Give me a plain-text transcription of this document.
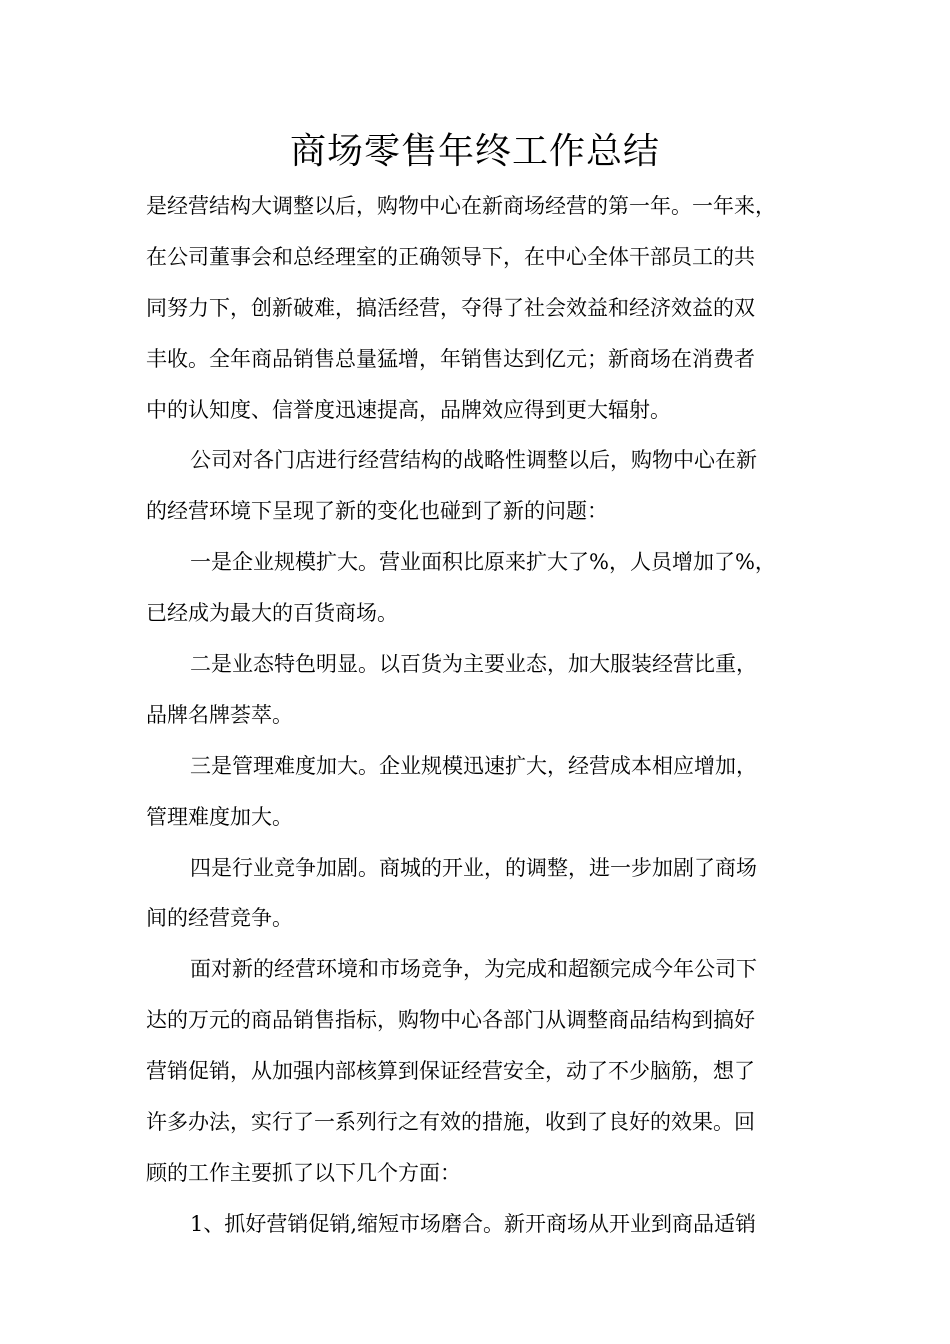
商场零售年终工作总结
是经营结构大调整以后，购物中心在新商场经营的第一年。一年来，
在公司董事会和总经理室的正确领导下，在中心全体干部员工的共
同努力下，创新破难，搞活经营，夺得了社会效益和经济效益的双
丰收。全年商品销售总量猛增，年销售达到亿元；新商场在消费者
中的认知度、信誉度迅速提高，品牌效应得到更大辐射。
公司对各门店进行经营结构的战略性调整以后，购物中心在新
的经营环境下呈现了新的变化也碰到了新的问题：
一是企业规模扩大。营业面积比原来扩大了%，人员增加了%，
已经成为最大的百货商场。
二是业态特色明显。以百货为主要业态，加大服装经营比重，
品牌名牌荟萃。
三是管理难度加大。企业规模迅速扩大，经营成本相应增加，
管理难度加大。
四是行业竞争加剧。商城的开业，的调整，进一步加剧了商场
间的经营竞争。
面对新的经营环境和市场竞争，为完成和超额完成今年公司下
达的万元的商品销售指标，购物中心各部门从调整商品结构到搞好
营销促销，从加强内部核算到保证经营安全，动了不少脑筋，想了
许多办法，实行了一系列行之有效的措施，收到了良好的效果。回
顾的工作主要抓了以下几个方面：
1、抓好营销促销,缩短市场磨合。新开商场从开业到商品适销
